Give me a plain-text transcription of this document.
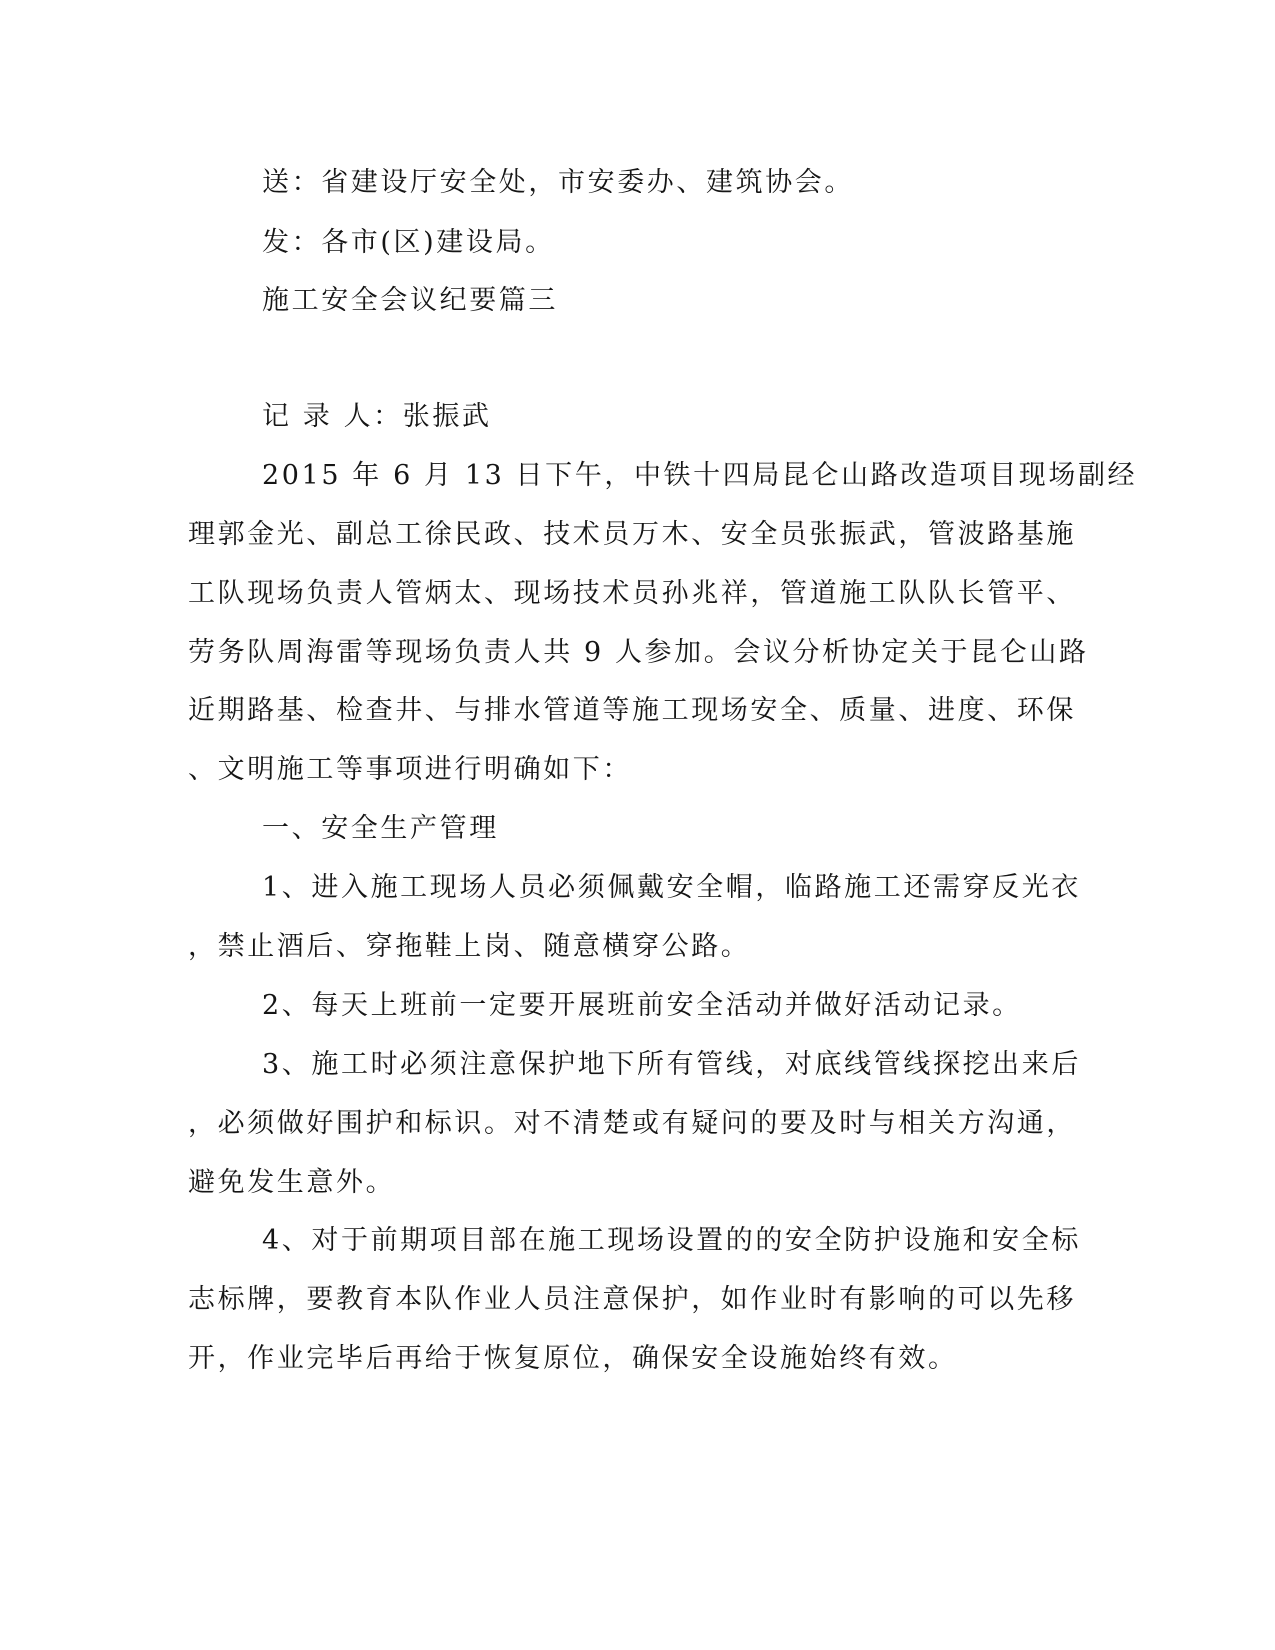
送：省建设厅安全处，市安委办、建筑协会。
发：各市(区)建设局。
施工安全会议纪要篇三
记 录 人：张振武
2015 年 6 月 13 日下午，中铁十四局昆仑山路改造项目现场副经
理郭金光、副总工徐民政、技术员万木、安全员张振武，管波路基施
工队现场负责人管炳太、现场技术员孙兆祥，管道施工队队长管平、
劳务队周海雷等现场负责人共 9 人参加。会议分析协定关于昆仑山路
近期路基、检查井、与排水管道等施工现场安全、质量、进度、环保
、文明施工等事项进行明确如下：
一、安全生产管理
1、进入施工现场人员必须佩戴安全帽，临路施工还需穿反光衣
，禁止酒后、穿拖鞋上岗、随意横穿公路。
2、每天上班前一定要开展班前安全活动并做好活动记录。
3、施工时必须注意保护地下所有管线，对底线管线探挖出来后
，必须做好围护和标识。对不清楚或有疑问的要及时与相关方沟通，
避免发生意外。
4、对于前期项目部在施工现场设置的的安全防护设施和安全标
志标牌，要教育本队作业人员注意保护，如作业时有影响的可以先移
开，作业完毕后再给于恢复原位，确保安全设施始终有效。
